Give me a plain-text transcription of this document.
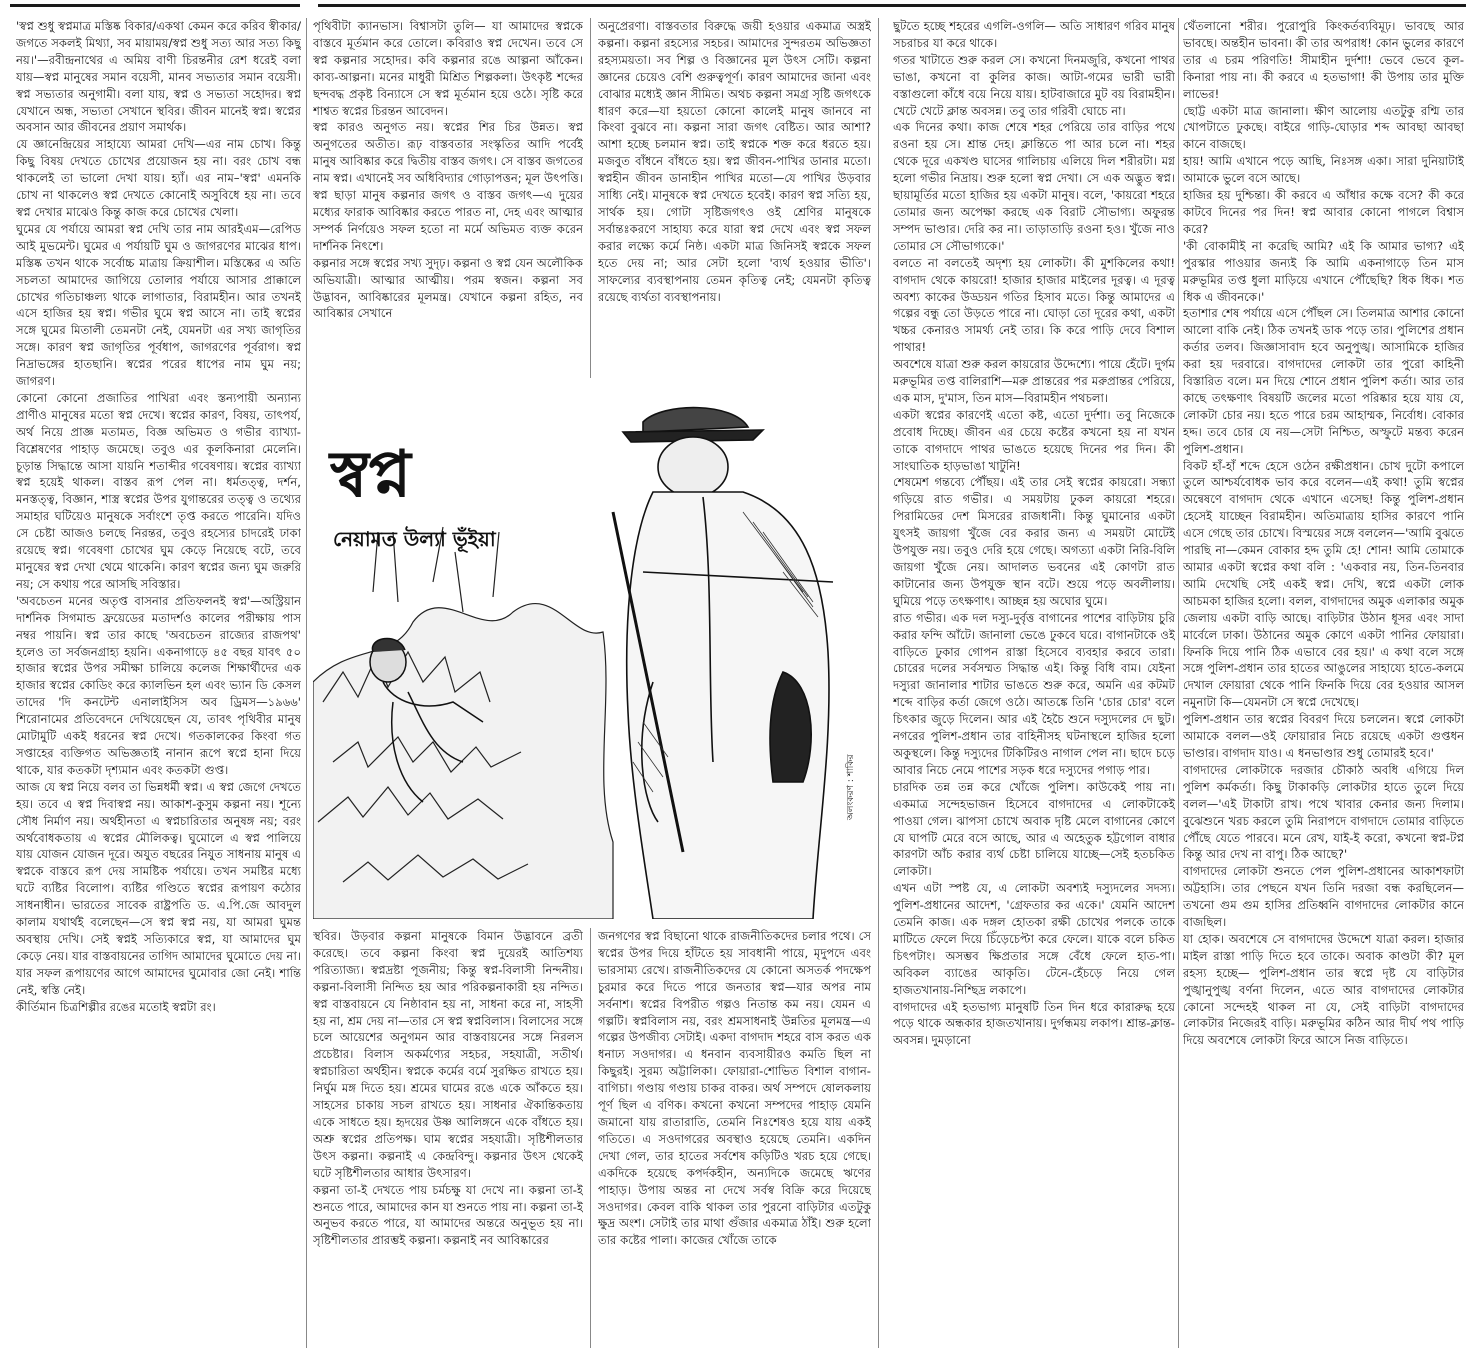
'স্বপ্ন শুধু স্বপ্নমাত্র মস্তিষ্ক বিকার/একথা কেমন করে করিব স্বীকার/জগতে সকলই মিথ্যা, সব মায়াময়/স্বপ্ন শুধু সত্য আর সত্য কিছু নয়।'—রবীন্দ্রনাথের এ অমিয় বাণী চিরন্তনীর রেশ ধরেই বলা যায়—স্বপ্ন মানুষের সমান বয়েসী, মানব সভ্যতার সমান বয়েসী। স্বপ্ন সভ্যতার অনুগামী। বলা যায়, স্বপ্ন ও সভ্যতা সহোদর। স্বপ্ন যেখানে অন্ধ, সভ্যতা সেখানে স্থবির। জীবন মানেই স্বপ্ন। স্বপ্নের অবসান আর জীবনের প্রয়াণ সমার্থক।

যে জ্ঞানেন্দ্রিয়ের সাহায্যে আমরা দেখি—এর নাম চোখ। কিন্তু কিছু বিষয় দেখতে চোখের প্রয়োজন হয় না। বরং চোখ বন্ধ থাকলেই তা ভালো দেখা যায়। হ্যাঁ। এর নাম–'স্বপ্ন' এমনকি চোখ না থাকলেও স্বপ্ন দেখতে কোনোই অসুবিধে হয় না। তবে স্বপ্ন দেখার মাঝেও কিন্তু কাজ করে চোখের খেলা।

ঘুমের যে পর্যায়ে আমরা স্বপ্ন দেখি তার নাম আরইএম—রেপিড আই মুভমেন্ট। ঘুমের এ পর্যায়টি ঘুম ও জাগরণের মাঝের ধাপ। মস্তিষ্ক তখন থাকে সর্বোচ্চ মাত্রায় ক্রিয়াশীল। মস্তিষ্কের এ অতি সচলতা আমাদের জাগিয়ে তোলার পর্যায়ে আসার প্রাক্কালে চোখের গতিচাঞ্চল্য থাকে লাগাতার, বিরামহীন। আর তখনই এসে হাজির হয় স্বপ্ন। গভীর ঘুমে স্বপ্ন আসে না। তাই স্বপ্নের সঙ্গে ঘুমের মিতালী তেমনটা নেই, যেমনটা এর সখ্য জাগৃতির সঙ্গে। কারণ স্বপ্ন জাগৃতির পূর্বধাপ, জাগরণের পূর্বরাগ। স্বপ্ন নিদ্রাভঙ্গের হাতছানি। স্বপ্নের পরের ধাপের নাম ঘুম নয়; জাগরণ।

কোনো কোনো প্রজাতির পাখিরা এবং স্তন্যপায়ী অন্যান্য প্রাণীও মানুষের মতো স্বপ্ন দেখে। স্বপ্নের কারণ, বিষয়, তাৎপর্য, অর্থ নিয়ে প্রাজ্ঞ মতামত, বিজ্ঞ অভিমত ও গভীর ব্যাখ্যা-বিশ্লেষণের পাহাড় জমেছে। তবুও এর কূলকিনারা মেলেনি। চূড়ান্ত সিদ্ধান্তে আসা যায়নি শতাব্দীর গবেষণায়। স্বপ্নের ব্যাখ্যা স্বপ্ন হয়েই থাকল। বাস্তব রূপ পেল না। ধর্মতত্ত্ব, দর্শন, মনস্তত্ত্ব, বিজ্ঞান, শাস্ত্র স্বপ্নের উপর যুগান্তরের তত্ত্ব ও তথ্যের সমাহার ঘটিয়েও মানুষকে সর্বাংশে তৃপ্ত করতে পারেনি। যদিও সে চেষ্টা আজও চলছে নিরন্তর, তবুও রহস্যের চাদরেই ঢাকা রয়েছে স্বপ্ন। গবেষণা চোখের ঘুম কেড়ে নিয়েছে বটে, তবে মানুষের স্বপ্ন দেখা থেমে থাকেনি। কারণ স্বপ্নের জন্য ঘুম জরুরি নয়; সে কথায় পরে আসছি সবিস্তার।

'অবচেতন মনের অতৃপ্ত বাসনার প্রতিফলনই স্বপ্ন'—অস্ট্রিয়ান দার্শনিক সিগমান্ড ফ্রয়েডের মতাদর্শও কালের পরীক্ষায় পাস নম্বর পায়নি। স্বপ্ন তার কাছে 'অবচেতন রাজ্যের রাজপথ' হলেও তা সর্বজনগ্রাহ্য হয়নি। একনাগাড়ে ৪৫ বছর যাবৎ ৫০ হাজার স্বপ্নের উপর সমীক্ষা চালিয়ে কলেজ শিক্ষার্থীদের এক হাজার স্বপ্নের কোডিং করে ক্যালভিন হল এবং ভ্যান ডি কেসল তাদের 'দি কনটেন্ট এনালাইসিস অব ড্রিমস—১৯৬৬' শিরোনামের প্রতিবেদনে দেখিয়েছেন যে, তাবৎ পৃথিবীর মানুষ মোটামুটি একই ধরনের স্বপ্ন দেখে। গতকালকের কিংবা গত সপ্তাহের ব্যক্তিগত অভিজ্ঞতাই নানান রূপে স্বপ্নে হানা দিয়ে থাকে, যার কতকটা দৃশ্যমান এবং কতকটা গুপ্ত।

আজ যে স্বপ্ন নিয়ে বলব তা ভিন্নধর্মী স্বপ্ন। এ স্বপ্ন জেগে দেখতে হয়। তবে এ স্বপ্ন দিবাস্বপ্ন নয়। আকাশ-কুসুম কল্পনা নয়। শূন্যে সৌধ নির্মাণ নয়। অর্থহীনতা এ স্বপ্নচারিতার অনুষঙ্গ নয়; বরং অর্থবোধকতায় এ স্বপ্নের মৌলিকত্ব। ঘুমোলে এ স্বপ্ন পালিয়ে যায় যোজন যোজন দূরে। অযুত বছরের নিযুত সাধনায় মানুষ এ স্বপ্নকে বাস্তবে রূপ দেয় সামষ্টিক পর্যায়ে। তখন সমষ্টির মধ্যে ঘটে ব্যষ্টির বিলোপ। ব্যষ্টির গণ্ডিতে স্বপ্নের রূপায়ণ কঠোর সাধনাধীন। ভারতের সাবেক রাষ্ট্রপতি ড. এ.পি.জে আবদুল কালাম যথার্থই বলেছেন—সে স্বপ্ন স্বপ্ন নয়, যা আমরা ঘুমন্ত অবস্থায় দেখি। সেই স্বপ্নই সত্যিকারে স্বপ্ন, যা আমাদের ঘুম কেড়ে নেয়। যার বাস্তবায়নের তাগিদ আমাদের ঘুমোতে দেয় না। যার সফল রূপায়ণের আগে আমাদের ঘুমোবার জো নেই। শান্তি নেই, স্বস্তি নেই।

কীর্তিমান চিত্রশিল্পীর রঙের মতোই স্বপ্নটা রং।

পৃথিবীটা ক্যানভাস। বিশ্বাসটা তুলি— যা আমাদের স্বপ্নকে বাস্তবে মূর্তমান করে তোলে। কবিরাও স্বপ্ন দেখেন। তবে সে স্বপ্ন কল্পনার সহোদর। কবি কল্পনার রঙে আল্পনা আঁকেন। কাব্য-আল্পনা। মনের মাধুরী মিশ্রিত শিল্পকলা। উৎকৃষ্ট শব্দের ছন্দবদ্ধ প্রকৃষ্ট বিন্যাসে সে স্বপ্ন মূর্তমান হয়ে ওঠে। সৃষ্টি করে শাশ্বত স্বপ্নের চিরন্তন আবেদন।

স্বপ্ন কারও অনুগত নয়। স্বপ্নের শির চির উন্নত। স্বপ্ন অনুগতের অতীত। রূঢ় বাস্তবতার সংস্কৃতির আদি পর্বেই মানুষ আবিষ্কার করে দ্বিতীয় বাস্তব জগৎ। সে বাস্তব জগতের নাম স্বপ্ন। এখানেই সব অধিবিদ্যার গোড়াপত্তন; মূল উৎপত্তি। স্বপ্ন ছাড়া মানুষ কল্পনার জগৎ ও বাস্তব জগৎ—এ দুয়ের মধ্যের ফারাক আবিষ্কার করতে পারত না, দেহ এবং আত্মার সম্পর্ক নির্ণয়েও সফল হতো না মর্মে অভিমত ব্যক্ত করেন দার্শনিক নিৎশে।

কল্পনার সঙ্গে স্বপ্নের সখ্য সুদৃঢ়। কল্পনা ও স্বপ্ন যেন অলৌকিক অভিযাত্রী। আত্মার আত্মীয়। পরম স্বজন। কল্পনা সব উদ্ভাবন, আবিষ্কারের মূলমন্ত্র। যেখানে কল্পনা রহিত, নব আবিষ্কার সেখানে

অনুপ্রেরণা। বাস্তবতার বিরুদ্ধে জয়ী হওয়ার একমাত্র অস্ত্রই কল্পনা। কল্পনা রহস্যের সহচর। আমাদের সুন্দরতম অভিজ্ঞতা রহস্যময়তা। সব শিল্প ও বিজ্ঞানের মূল উৎস সেটি। কল্পনা জ্ঞানের চেয়েও বেশি গুরুত্বপূর্ণ। কারণ আমাদের জানা এবং বোঝার মধ্যেই জ্ঞান সীমিত। অথচ কল্পনা সমগ্র সৃষ্টি জগৎকে ধারণ করে—যা হয়তো কোনো কালেই মানুষ জানবে না কিংবা বুঝবে না। কল্পনা সারা জগৎ বেষ্টিত। আর আশা? আশা হচ্ছে চলমান স্বপ্ন। তাই স্বপ্নকে শক্ত করে ধরতে হয়। মজবুত বাঁধনে বাঁধতে হয়। স্বপ্ন জীবন-পাখির ডানার মতো। স্বপ্নহীন জীবন ডানাহীন পাখির মতো—যে পাখির উড়বার সাধ্যি নেই। মানুষকে স্বপ্ন দেখতে হবেই। কারণ স্বপ্ন সত্যি হয়, সার্থক হয়। গোটা সৃষ্টিজগৎও ওই শ্রেণির মানুষকে সর্বান্তঃকরণে সাহায্য করে যারা স্বপ্ন দেখে এবং স্বপ্ন সফল করার লক্ষ্যে কর্মে নিষ্ঠ। একটা মাত্র জিনিসই স্বপ্নকে সফল হতে দেয় না; আর সেটা হলো 'ব্যর্থ হওয়ার ভীতি'। সাফল্যের ব্যবস্থাপনায় তেমন কৃতিত্ব নেই; যেমনটা কৃতিত্ব রয়েছে ব্যর্থতা ব্যবস্থাপনায়।

স্বপ্ন
নেয়ামত উল্যা ভূঁইয়া
অলংকরণ : শাকির

স্থবির। উড়বার কল্পনা মানুষকে বিমান উদ্ভাবনে ব্রতী করেছে। তবে কল্পনা কিংবা স্বপ্ন দুয়েরই আতিশয্য পরিত্যাজ্য। স্বপ্নদ্রষ্টা পূজনীয়; কিন্তু স্বপ্ন-বিলাসী নিন্দনীয়। কল্পনা-বিলাসী নিন্দিত হয় আর পরিকল্পনাকারী হয় নন্দিত। স্বপ্ন বাস্তবায়নে যে নিষ্ঠাবান হয় না, সাধনা করে না, সাহসী হয় না, শ্রম দেয় না—তার সে স্বপ্ন স্বপ্নবিলাস। বিলাসের সঙ্গে চলে আয়েশের অনুগমন আর বাস্তবায়নের সঙ্গে নিরলস প্রচেষ্টার। বিলাস অকর্মণ্যের সহচর, সহযাত্রী, সতীর্থ। স্বপ্নচারিতা অর্থহীন। স্বপ্নকে কর্মের বর্মে সুরক্ষিত রাখতে হয়। নির্ঘুম মঙ্গ দিতে হয়। শ্রমের ঘামের রঙে একে আঁকতে হয়। সাহসের চাকায় সচল রাখতে হয়। সাধনার ঐকান্তিকতায় একে সাধতে হয়। হৃদয়ের উষ্ণ আলিঙ্গনে একে বাঁধতে হয়। অশ্রু স্বপ্নের প্রতিপক্ষ। ঘাম স্বপ্নের সহযাত্রী। সৃষ্টিশীলতার উৎস কল্পনা। কল্পনাই এ কেন্দ্রবিন্দু। কল্পনার উৎস থেকেই ঘটে সৃষ্টিশীলতার আধার উৎসারণ।

কল্পনা তা-ই দেখতে পায় চর্মচক্ষু যা দেখে না। কল্পনা তা-ই শুনতে পারে, আমাদের কান যা শুনতে পায় না। কল্পনা তা-ই অনুভব করতে পারে, যা আমাদের অন্তরে অনুভূত হয় না। সৃষ্টিশীলতার প্রারম্ভই কল্পনা। কল্পনাই নব আবিষ্কারের

জনগণের স্বপ্ন বিছানো থাকে রাজনীতিকদের চলার পথে। সে স্বপ্নের উপর দিয়ে হাঁটতে হয় সাবধানী পায়ে, মৃদুপদে এবং ভারসাম্য রেখে। রাজনীতিকদের যে কোনো অসতর্ক পদক্ষেপ চুরমার করে দিতে পারে জনতার স্বপ্ন—যার অপর নাম সর্বনাশ। স্বপ্নের বিপরীত গল্পও নিতান্ত কম নয়। যেমন এ গল্পটি। স্বপ্নবিলাস নয়, বরং শ্রমসাধনাই উন্নতির মূলমন্ত্র—এ গল্পের উপজীব্য সেটাই। একদা বাগদাদ শহরে বাস করত এক ধনাঢ্য সওদাগর। এ ধনবান ব্যবসায়ীরও কমতি ছিল না কিছুরই। সুরম্য অট্টালিকা। ফোয়ারা-শোভিত বিশাল বাগান-বাগিচা। গণ্ডায় গণ্ডায় চাকর বাকর। অর্থ সম্পদে ষোলকলায় পূর্ণ ছিল এ বণিক। কখনো কখনো সম্পদের পাহাড় যেমনি জমানো যায় রাতারাতি, তেমনি নিঃশেষও হয়ে যায় একই গতিতে। এ সওদাগরের অবস্থাও হয়েছে তেমনি। একদিন দেখা গেল, তার হাতের সর্বশেষ কড়িটিও খরচ হয়ে গেছে। একদিকে হয়েছে কপর্দকহীন, অন্যদিকে জমেছে ঋণের পাহাড়। উপায় অন্তর না দেখে সর্বস্ব বিক্রি করে দিয়েছে সওদাগর। কেবল বাকি থাকল তার পুরনো বাড়িটার এতটুকু ক্ষুদ্র অংশ। সেটাই তার মাথা গুঁজার একমাত্র ঠাঁই। শুরু হলো তার কষ্টের পালা। কাজের খোঁজে তাকে

ছুটতে হচ্ছে শহরের এগলি-ওগলি— অতি সাধারণ গরিব মানুষ সচরাচর যা করে থাকে।

গতর খাটাতে শুরু করল সে। কখনো দিনমজুরি, কখনো পাথর ভাঙা, কখনো বা কুলির কাজ। আটা-গমের ভারী ভারী বস্তাগুলো কাঁধে বয়ে নিয়ে যায়। হাটবাজারে মুট বয় বিরামহীন। খেটে খেটে ক্লান্ত অবসন্ন। তবু তার গরিবী ঘোচে না।

এক দিনের কথা। কাজ শেষে শহর পেরিয়ে তার বাড়ির পথে রওনা হয় সে। শ্রান্ত দেহ। ক্লান্তিতে পা আর চলে না। শহর থেকে দূরে একখণ্ড ঘাসের গালিচায় এলিয়ে দিল শরীরটা। মগ্ন হলো গভীর নিদ্রায়। শুরু হলো স্বপ্ন দেখা। সে এক অদ্ভুত স্বপ্ন। ছায়ামূর্তির মতো হাজির হয় একটা মানুষ। বলে, 'কায়রো শহরে তোমার জন্য অপেক্ষা করছে এক বিরাট সৌভাগ্য। অফুরন্ত সম্পদ ভাণ্ডার। দেরি কর না। তাড়াতাড়ি রওনা হও। খুঁজে নাও তোমার সে সৌভাগ্যকে।'

বলতে না বলতেই অদৃশ্য হয় লোকটা। কী মুশকিলের কথা! বাগদাদ থেকে কায়রো! হাজার হাজার মাইলের দূরত্ব। এ দূরত্ব অবশ্য কাকের উড্ডয়ন গতির হিসাব মতে। কিন্তু আমাদের এ গল্পের বন্ধু তো উড়তে পারে না। ঘোড়া তো দূরের কথা, একটা খচ্চর কেনারও সামর্থ্য নেই তার। কি করে পাড়ি দেবে বিশাল পাথার!

অবশেষে যাত্রা শুরু করল কায়রোর উদ্দেশ্যে। পায়ে হেঁটে। দুর্গম মরুভূমির তপ্ত বালিরাশি—মরু প্রান্তরের পর মরুপ্রান্তর পেরিয়ে, এক মাস, দু'মাস, তিন মাস—বিরামহীন পথচলা।

একটা স্বপ্নের কারণেই এতো কষ্ট, এতো দুর্দশা। তবু নিজেকে প্রবোধ দিচ্ছে। জীবন এর চেয়ে কষ্টের কখনো হয় না যখন তাকে বাগদাদে পাথর ভাঙতে হয়েছে দিনের পর দিন। কী সাংঘাতিক হাড়ভাঙা খাটুনি!

শেষমেশ গন্তব্যে পৌঁছয়। এই তার সেই স্বপ্নের কায়রো। সন্ধ্যা গড়িয়ে রাত গভীর। এ সময়টায় ঢুকল কায়রো শহরে। পিরামিডের দেশ মিসরের রাজধানী। কিন্তু ঘুমানোর একটা যুৎসই জায়গা খুঁজে বের করার জন্য এ সময়টা মোটেই উপযুক্ত নয়। তবুও দেরি হয়ে গেছে। অগত্যা একটা নিরি-বিলি জায়গা খুঁজে নেয়। আদালত ভবনের এই কোণটা রাত কাটানোর জন্য উপযুক্ত স্থান বটে। শুয়ে পড়ে অবলীলায়। ঘুমিয়ে পড়ে তৎক্ষণাৎ। আচ্ছন্ন হয় অঘোর ঘুমে।

রাত গভীর। এক দল দস্যু-দুর্বৃত্ত বাগানের পাশের বাড়িটায় চুরি করার ফন্দি আঁটে। জানালা ভেঙে ঢুকবে ঘরে। বাগানটাকে ওই বাড়িতে ঢুকার গোপন রাস্তা হিসেবে ব্যবহার করবে তারা। চোরের দলের সর্বসম্মত সিদ্ধান্ত এই। কিন্তু বিধি বাম। যেইনা দস্যুরা জানালার শাটার ভাঙতে শুরু করে, অমনি এর কটমট শব্দে বাড়ির কর্তা জেগে ওঠে। আতঙ্কে তিনি 'চোর চোর' বলে চিৎকার জুড়ে দিলেন। আর এই হৈচৈ শুনে দস্যুদলের দে ছুট। নগরের পুলিশ-প্রধান তার বাহিনীসহ ঘটনাস্থলে হাজির হলো অকুস্থলে। কিন্তু দস্যুদের টিকিটিরও নাগাল পেল না। ছাদে চড়ে আবার নিচে নেমে পাশের সড়ক ধরে দস্যুদের পগাড় পার।

চারদিক তন্ন তন্ন করে খোঁজে পুলিশ। কাউকেই পায় না। একমাত্র সন্দেহভাজন হিসেবে বাগদাদের এ লোকটাকেই পাওয়া গেল। ঝাপসা চোখে অবাক দৃষ্টি মেলে বাগানের কোণে যে ঘাপটি মেরে বসে আছে, আর এ অহেতুক হট্টগোল বাধার কারণটা আঁচ করার ব্যর্থ চেষ্টা চালিয়ে যাচ্ছে—সেই হতচকিত লোকটা।

এখন এটা স্পষ্ট যে, এ লোকটা অবশ্যই দস্যুদলের সদস্য। পুলিশ-প্রধানের আদেশ, 'গ্রেফতার কর একে।' যেমনি আদেশ তেমনি কাজ। এক দঙ্গল হোতকা রক্ষী চোখের পলকে তাকে মাটিতে ফেলে দিয়ে চিঁড়েচেপ্টা করে ফেলে। যাকে বলে চকিত চিৎপটাং। অসম্ভব ক্ষিপ্রতার সঙ্গে বেঁধে ফেলে হাত-পা। অবিকল ব্যাঙের আকৃতি। টেনে-হেঁচড়ে নিয়ে গেল হাজতখানায়-নিশ্ছিদ্র লকাপে।

বাগদাদের এই হতভাগ্য মানুষটি তিন দিন ধরে কারারুদ্ধ হয়ে পড়ে থাকে অন্ধকার হাজতখানায়। দুর্গন্ধময় লকাপ। শ্রান্ত-ক্লান্ত-অবসন্ন। দুমড়ানো

থেঁতলানো শরীর। পুরোপুরি কিংকর্তব্যবিমূঢ়। ভাবছে আর ভাবছে। অন্তহীন ভাবনা। কী তার অপরাধ! কোন ভুলের কারণে তার এ চরম পরিণতি! সীমাহীন দুর্দশা! ভেবে ভেবে কূল-কিনারা পায় না। কী করবে এ হতভাগা! কী উপায় তার মুক্তি লাভের!

ছোট্ট একটা মাত্র জানালা। ক্ষীণ আলোয় এতটুকু রশ্মি তার খোপটাতে ঢুকছে। বাইরে গাড়ি-ঘোড়ার শব্দ আবছা আবছা কানে বাজছে।

হায়! আমি এখানে পড়ে আছি, নিঃসঙ্গ একা। সারা দুনিয়াটাই আমাকে ভুলে বসে আছে।

হাজির হয় দুশ্চিন্তা। কী করবে এ আঁধার কক্ষে বসে? কী করে কাটবে দিনের পর দিন! স্বপ্ন আবার কোনো পাগলে বিশ্বাস করে?

'কী বোকামীই না করেছি আমি? এই কি আমার ভাগ্য? এই পুরস্কার পাওয়ার জন্যই কি আমি একনাগাড়ে তিন মাস মরুভূমির তপ্ত ধুলা মাড়িয়ে এখানে পৌঁছেছি? ধিক ধিক। শত ধিক এ জীবনকে।'

হতাশার শেষ পর্যায়ে এসে পৌঁছল সে। তিলমাত্র আশার কোনো আলো বাকি নেই। ঠিক তখনই ডাক পড়ে তার। পুলিশের প্রধান কর্তার তলব। জিজ্ঞাসাবাদ হবে অনুপুঙ্খ। আসামিকে হাজির করা হয় দরবারে। বাগদাদের লোকটা তার পুরো কাহিনী বিস্তারিত বলে। মন দিয়ে শোনে প্রধান পুলিশ কর্তা। আর তার কাছে তৎক্ষণাৎ বিষয়টি জলের মতো পরিষ্কার হয়ে যায় যে, লোকটা চোর নয়। হতে পারে চরম আহাম্মক, নির্বোধ। বোকার হদ্দ। তবে চোর যে নয়—সেটা নিশ্চিত, অস্ফুটে মন্তব্য করেন পুলিশ-প্রধান।

বিকট হাঁ-হাঁ শব্দে হেসে ওঠেন রক্ষীপ্রধান। চোখ দুটো কপালে তুলে আশ্চর্যবোধক ভাব করে বলেন—এই কথা! তুমি স্বপ্নের অন্বেষণে বাগদাদ থেকে এখানে এসেছ! কিন্তু পুলিশ-প্রধান হেসেই যাচ্ছেন বিরামহীন। অতিমাত্রায় হাসির কারণে পানি এসে গেছে তার চোখে। বিস্ময়ের সঙ্গে বললেন—'আমি বুঝতে পারছি না—কেমন বোকার হদ্দ তুমি হে! শোন! আমি তোমাকে আমার একটা স্বপ্নের কথা বলি : 'একবার নয়, তিন-তিনবার আমি দেখেছি সেই একই স্বপ্ন। দেখি, স্বপ্নে একটা লোক আচমকা হাজির হলো। বলল, বাগদাদের অমুক এলাকার অমুক জেলায় একটা বাড়ি আছে। বাড়িটার উঠান ধূসর এবং সাদা মার্বেলে ঢাকা। উঠানের অমুক কোণে একটা পানির ফোয়ারা। ফিনকি দিয়ে পানি ঠিক এভাবে বের হয়।' এ কথা বলে সঙ্গে সঙ্গে পুলিশ-প্রধান তার হাতের আঙুলের সাহায্যে হাতে-কলমে দেখাল ফোয়ারা থেকে পানি ফিনকি দিয়ে বের হওয়ার আসল নমুনাটা কি—যেমনটা সে স্বপ্নে দেখেছে।

পুলিশ-প্রধান তার স্বপ্নের বিবরণ দিয়ে চললেন। স্বপ্নে লোকটা আমাকে বলল—ওই ফোয়ারার নিচে রয়েছে একটা গুপ্তধন ভাণ্ডার। বাগদাদ যাও। এ ধনভাণ্ডার শুধু তোমারই হবে।'

বাগদাদের লোকটাকে দরজার চৌকাঠ অবধি এগিয়ে দিল পুলিশ কর্মকর্তা। কিছু টাকাকড়ি লোকটার হাতে তুলে দিয়ে বলল—'এই টাকাটা রাখ। পথে খাবার কেনার জন্য দিলাম। বুঝেশুনে খরচ করলে তুমি নিরাপদে বাগদাদে তোমার বাড়িতে পৌঁছে যেতে পারবে। মনে রেখ, যাই-ই করো, কখনো স্বপ্ন-টপ্ন কিন্তু আর দেখ না বাপু। ঠিক আছে?'

বাগদাদের লোকটা শুনতে পেল পুলিশ-প্রধানের আকাশফাটা অট্টহাসি। তার পেছনে যখন তিনি দরজা বন্ধ করছিলেন—তখনো গুম গুম হাসির প্রতিধ্বনি বাগদাদের লোকটার কানে বাজছিল।

যা হোক। অবশেষে সে বাগদাদের উদ্দেশে যাত্রা করল। হাজার মাইল রাস্তা পাড়ি দিতে হবে তাকে। অবাক কাণ্ডটা কী? মূল রহস্য হচ্ছে— পুলিশ-প্রধান তার স্বপ্নে দৃষ্ট যে বাড়িটার পুঙ্খানুপুঙ্খ বর্ণনা দিলেন, এতে আর বাগদাদের লোকটার কোনো সন্দেহই থাকল না যে, সেই বাড়িটা বাগদাদের লোকটার নিজেরই বাড়ি। মরুভূমির কঠিন আর দীর্ঘ পথ পাড়ি দিয়ে অবশেষে লোকটা ফিরে আসে নিজ বাড়িতে।
